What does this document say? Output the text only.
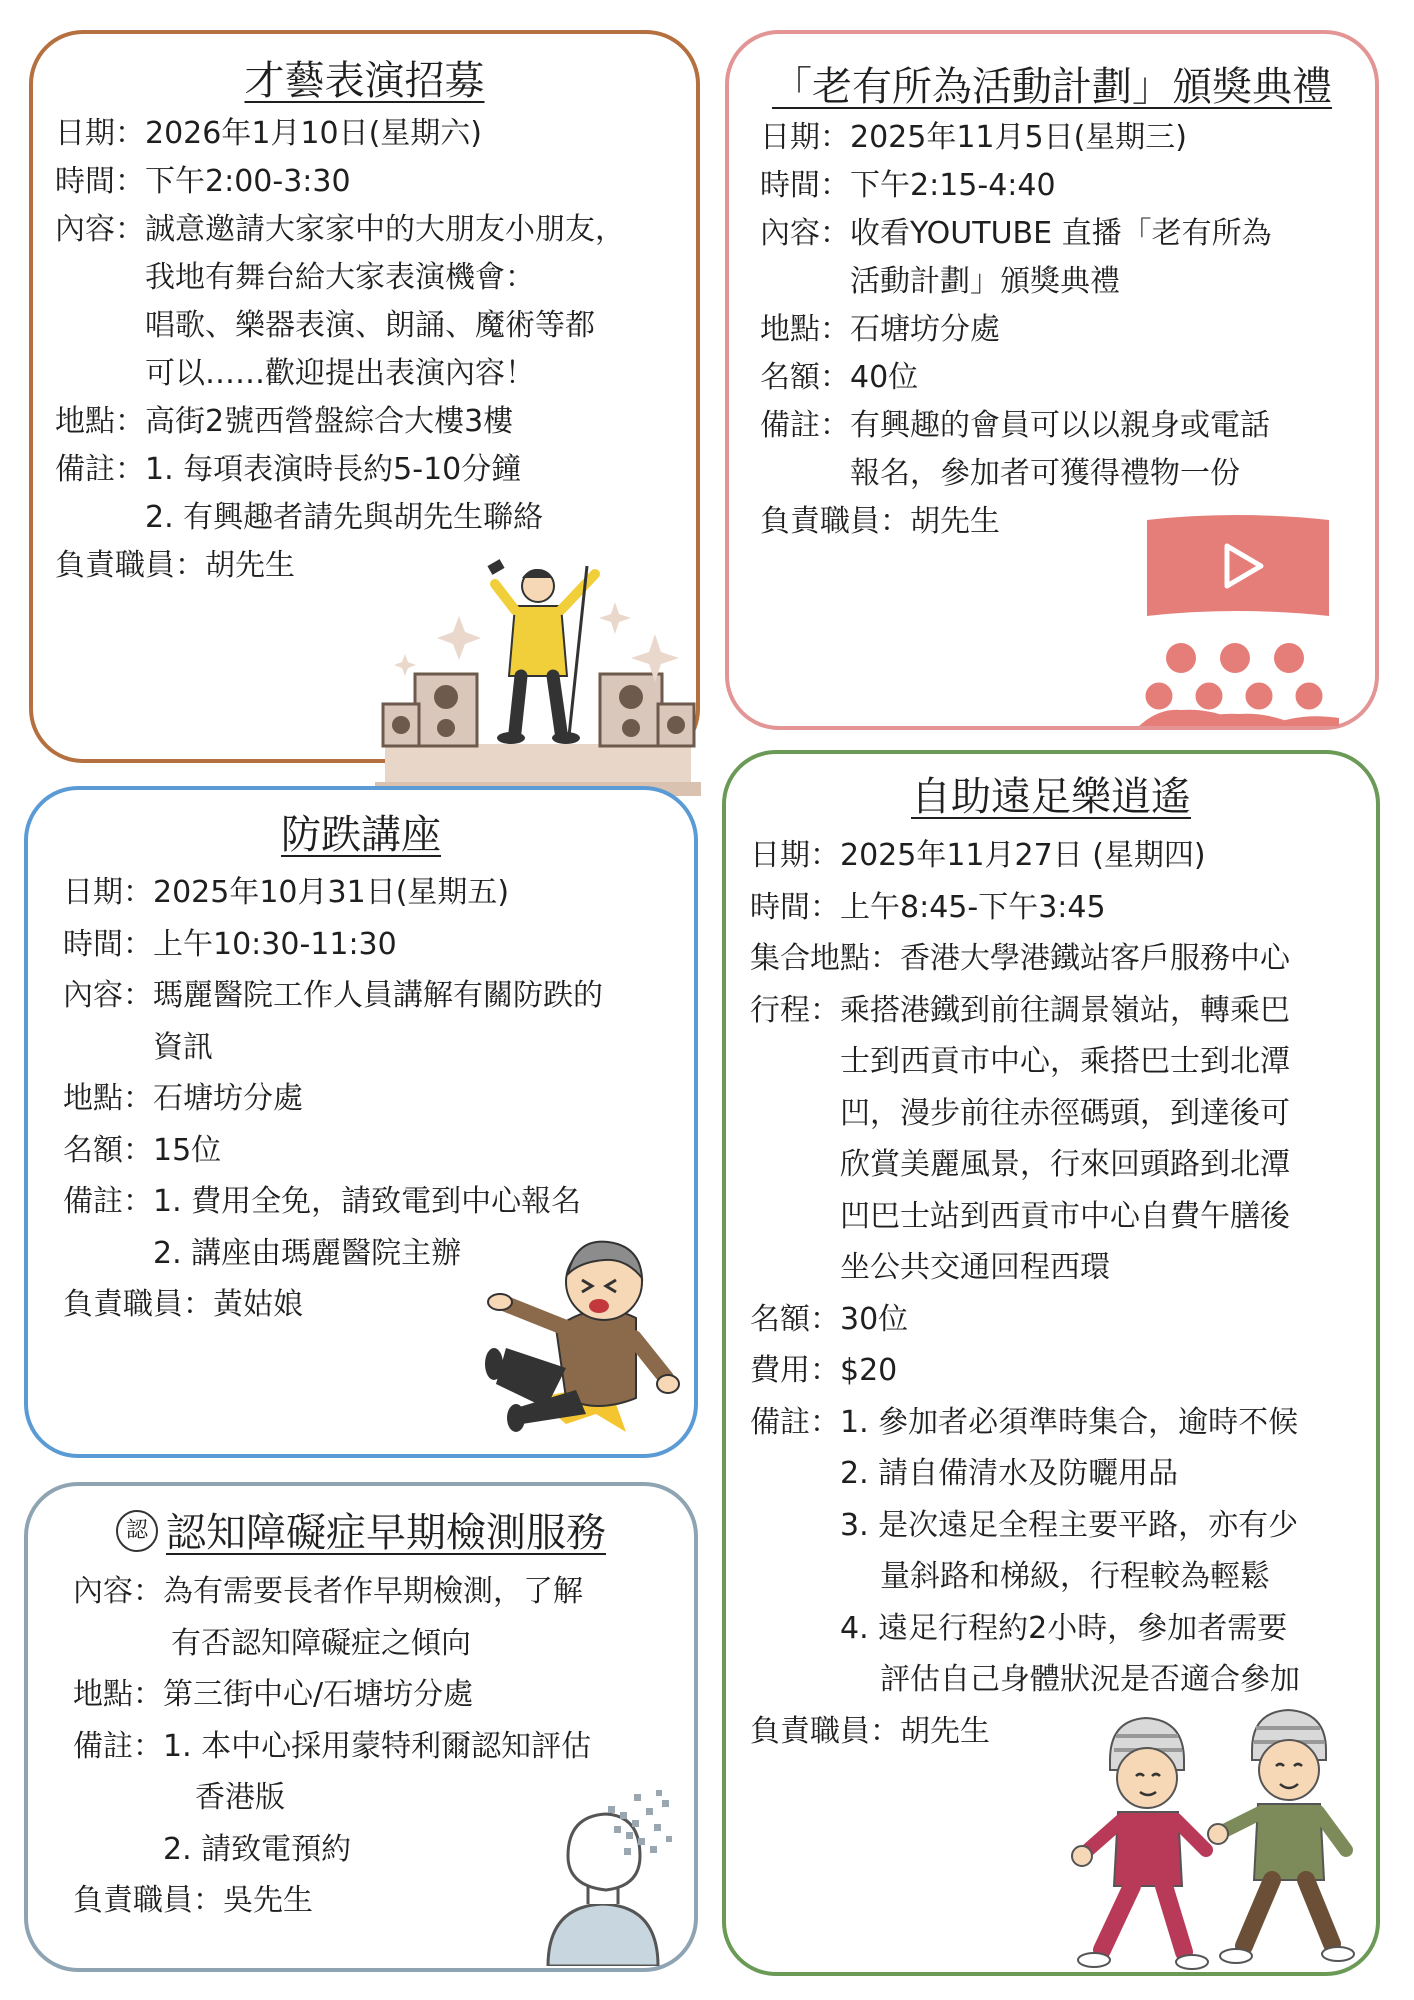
才藝表演招募
日期： 2026年1月10日(星期六)
時間： 下午2:00-3:30
內容： 誠意邀請大家家中的大朋友小朋友，
我地有舞台給大家表演機會：
唱歌、樂器表演、朗誦、魔術等都
可以……歡迎提出表演內容！
地點： 高街2號西營盤綜合大樓3樓
備註： 1. 每項表演時長約5-10分鐘
2. 有興趣者請先與胡先生聯絡
負責職員： 胡先生
「老有所為活動計劃」頒獎典禮
日期： 2025年11月5日(星期三)
時間： 下午2:15-4:40
內容： 收看YOUTUBE 直播「老有所為
活動計劃」頒獎典禮
地點： 石塘坊分處
名額： 40位
備註： 有興趣的會員可以以親身或電話
報名，參加者可獲得禮物一份
負責職員： 胡先生
防跌講座
日期： 2025年10月31日(星期五)
時間： 上午10:30-11:30
內容： 瑪麗醫院工作人員講解有關防跌的
資訊
地點： 石塘坊分處
名額： 15位
備註： 1. 費用全免，請致電到中心報名
2. 講座由瑪麗醫院主辦
負責職員： 黃姑娘
認 認知障礙症早期檢測服務
內容： 為有需要長者作早期檢測，了解
有否認知障礙症之傾向
地點： 第三街中心/石塘坊分處
備註： 1. 本中心採用蒙特利爾認知評估
香港版
2. 請致電預約
負責職員： 吳先生
自助遠足樂逍遙
日期： 2025年11月27日 (星期四)
時間： 上午8:45-下午3:45
集合地點： 香港大學港鐵站客戶服務中心
行程： 乘搭港鐵到前往調景嶺站，轉乘巴
士到西貢市中心，乘搭巴士到北潭
凹，漫步前往赤徑碼頭，到達後可
欣賞美麗風景，行來回頭路到北潭
凹巴士站到西貢市中心自費午膳後
坐公共交通回程西環
名額： 30位
費用： $20
備註： 1. 參加者必須準時集合，逾時不候
2. 請自備清水及防曬用品
3. 是次遠足全程主要平路，亦有少
量斜路和梯級，行程較為輕鬆
4. 遠足行程約2小時，參加者需要
評估自己身體狀況是否適合參加
負責職員： 胡先生
